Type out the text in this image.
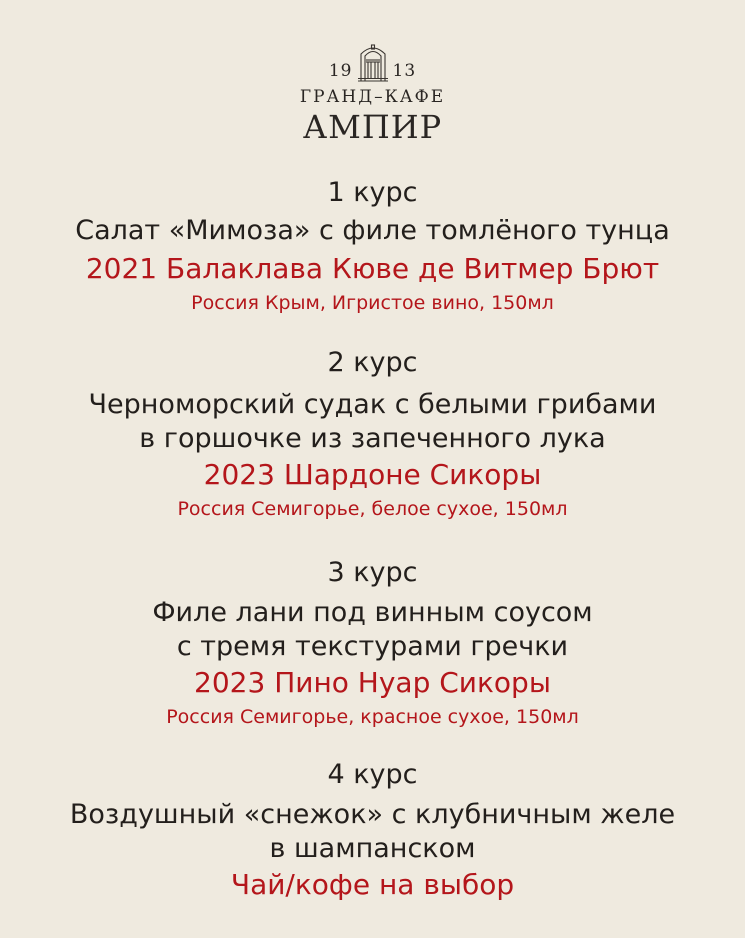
19 13
ГРАНД–КАФЕ
АМПИР
1 курс
Салат «Мимоза» с филе томлёного тунца
2021 Балаклава Кюве де Витмер Брют
Россия Крым, Игристое вино, 150мл
2 курс
Черноморский судак с белыми грибами
в горшочке из запеченного лука
2023 Шардоне Сикоры
Россия Семигорье, белое сухое, 150мл
3 курс
Филе лани под винным соусом
с тремя текстурами гречки
2023 Пино Нуар Сикоры
Россия Семигорье, красное сухое, 150мл
4 курс
Воздушный «снежок» с клубничным желе
в шампанском
Чай/кофе на выбор
